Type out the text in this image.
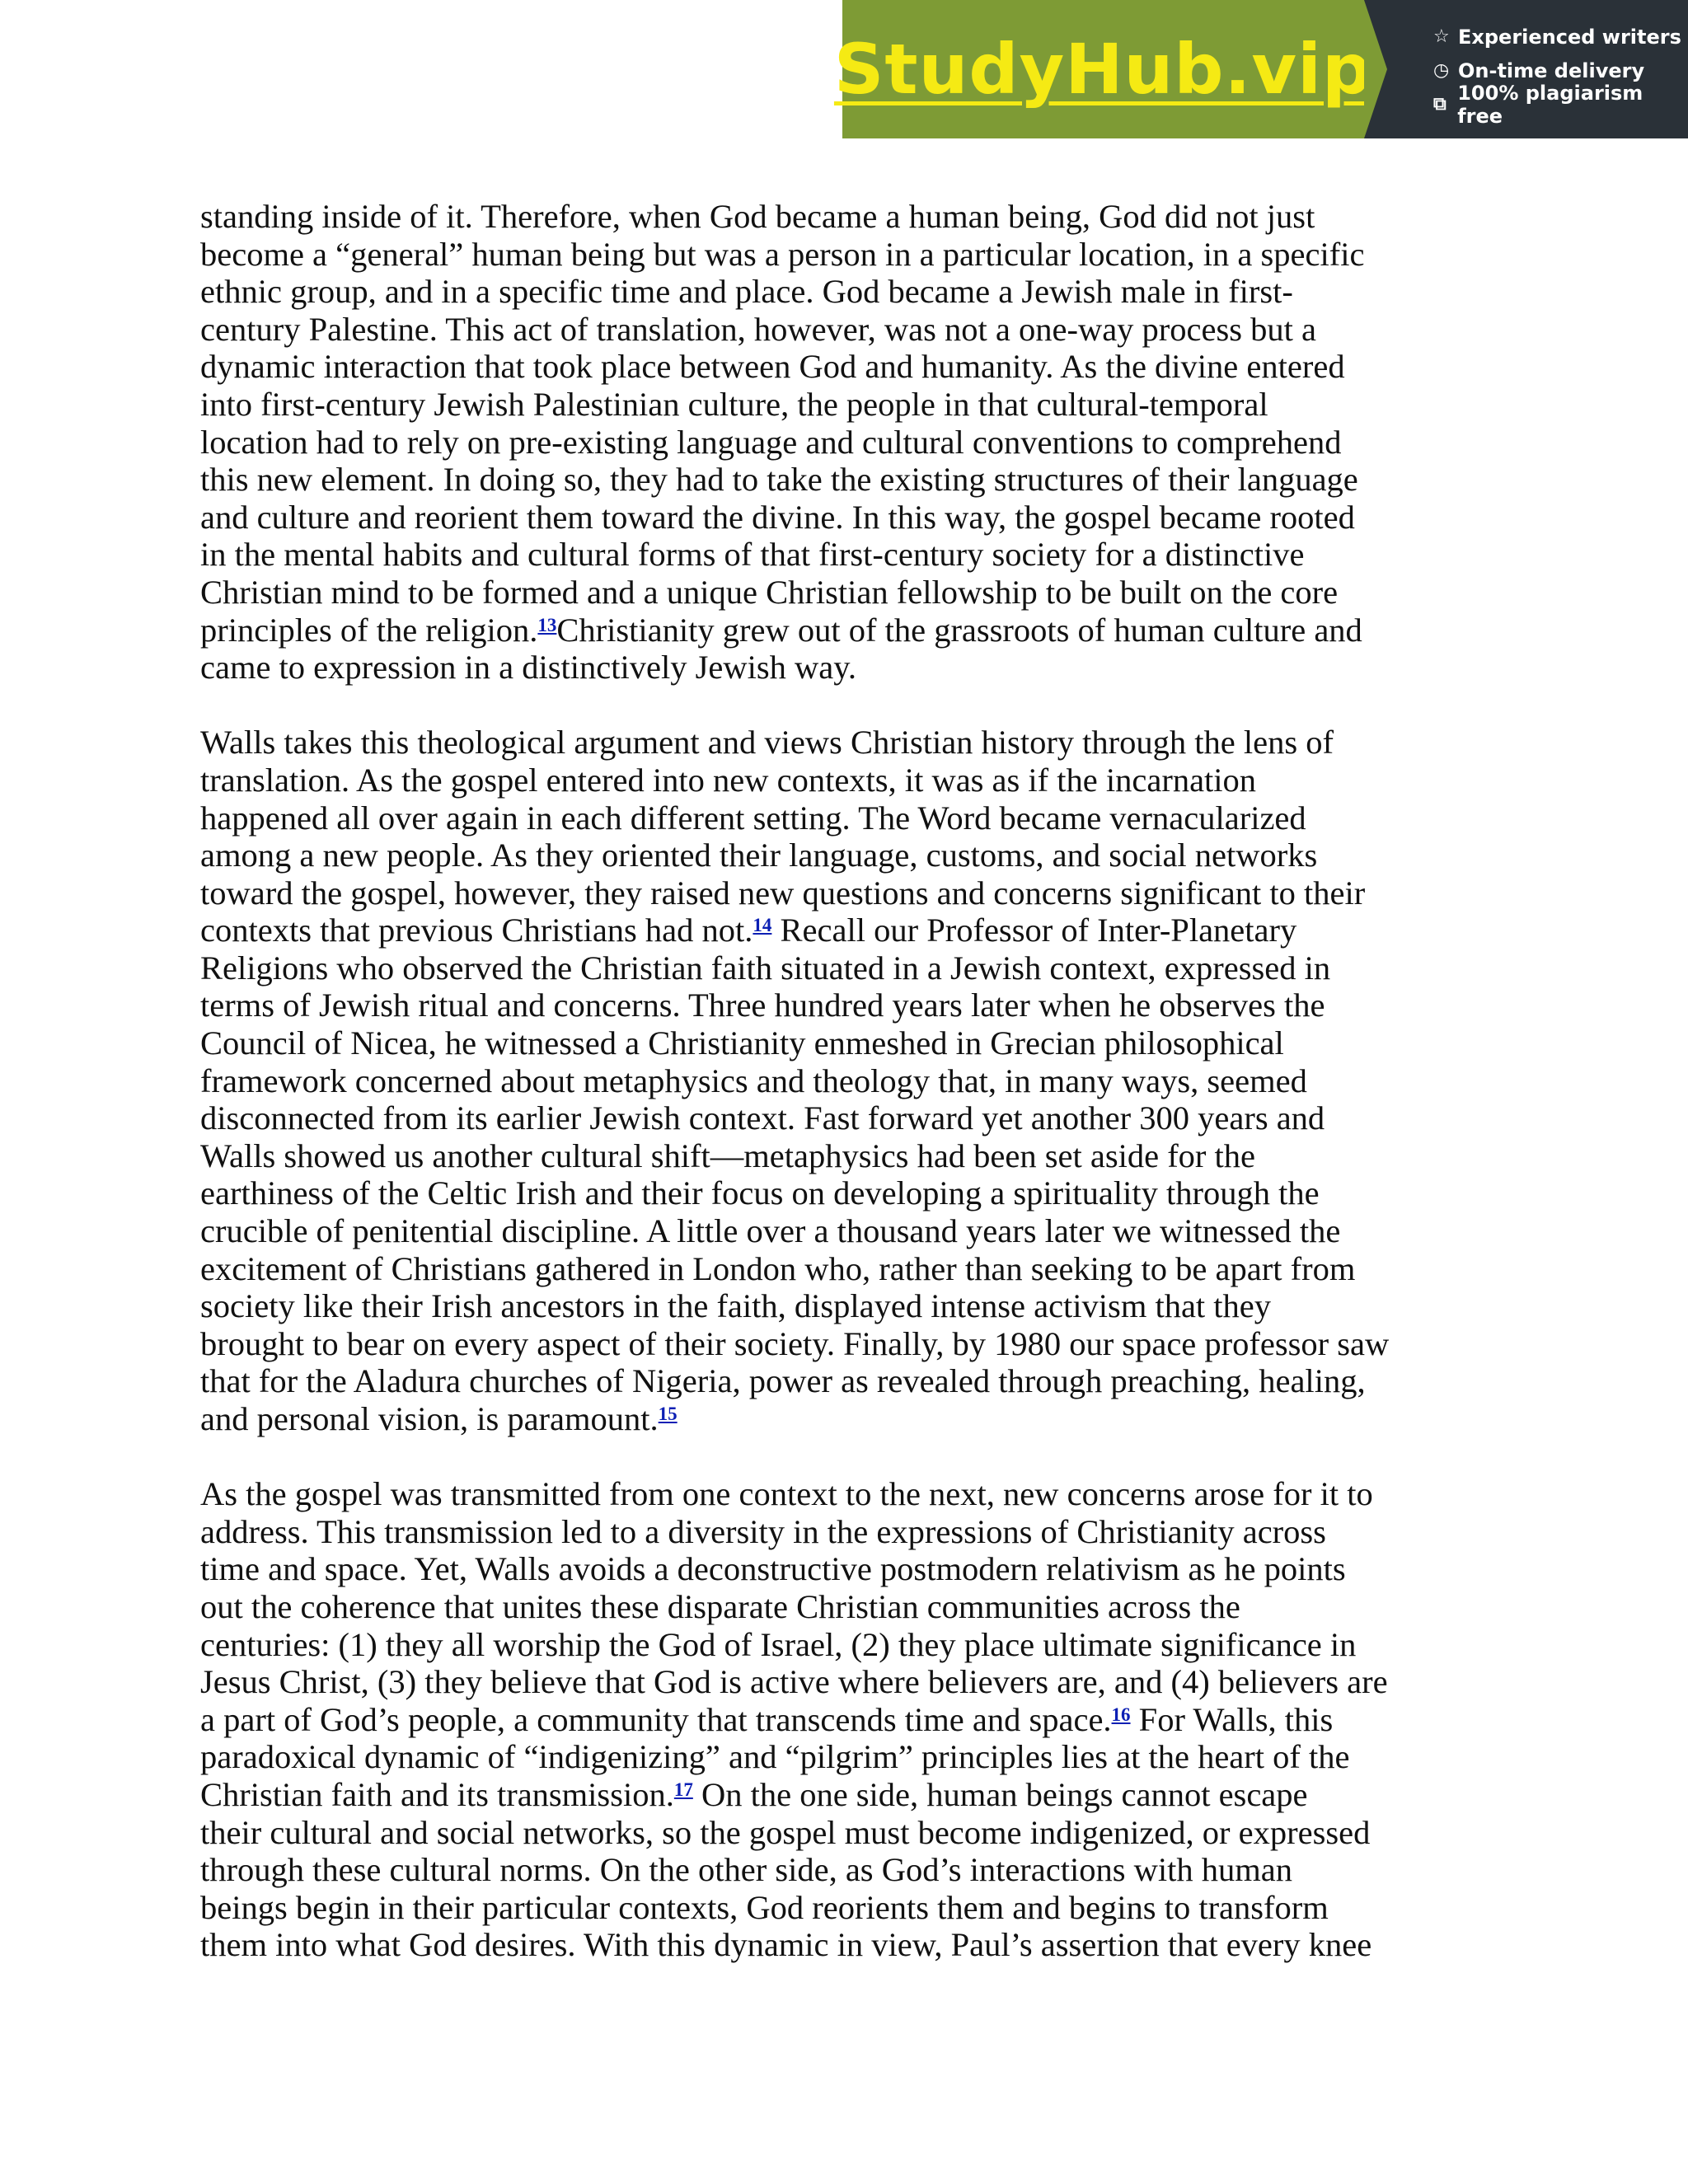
StudyHub.vip	☆ Experienced writers
◷ On-time delivery
⧉ 100% plagiarism free

standing inside of it. Therefore, when God became a human being, God did not just
become a “general” human being but was a person in a particular location, in a specific
ethnic group, and in a specific time and place. God became a Jewish male in first-
century Palestine. This act of translation, however, was not a one-way process but a
dynamic interaction that took place between God and humanity. As the divine entered
into first-century Jewish Palestinian culture, the people in that cultural-temporal
location had to rely on pre-existing language and cultural conventions to comprehend
this new element. In doing so, they had to take the existing structures of their language
and culture and reorient them toward the divine. In this way, the gospel became rooted
in the mental habits and cultural forms of that first-century society for a distinctive
Christian mind to be formed and a unique Christian fellowship to be built on the core
principles of the religion.$^{13}$Christianity grew out of the grassroots of human culture and
came to expression in a distinctively Jewish way.

Walls takes this theological argument and views Christian history through the lens of
translation. As the gospel entered into new contexts, it was as if the incarnation
happened all over again in each different setting. The Word became vernacularized
among a new people. As they oriented their language, customs, and social networks
toward the gospel, however, they raised new questions and concerns significant to their
contexts that previous Christians had not.$^{14}$ Recall our Professor of Inter-Planetary
Religions who observed the Christian faith situated in a Jewish context, expressed in
terms of Jewish ritual and concerns. Three hundred years later when he observes the
Council of Nicea, he witnessed a Christianity enmeshed in Grecian philosophical
framework concerned about metaphysics and theology that, in many ways, seemed
disconnected from its earlier Jewish context. Fast forward yet another 300 years and
Walls showed us another cultural shift—metaphysics had been set aside for the
earthiness of the Celtic Irish and their focus on developing a spirituality through the
crucible of penitential discipline. A little over a thousand years later we witnessed the
excitement of Christians gathered in London who, rather than seeking to be apart from
society like their Irish ancestors in the faith, displayed intense activism that they
brought to bear on every aspect of their society. Finally, by 1980 our space professor saw
that for the Aladura churches of Nigeria, power as revealed through preaching, healing,
and personal vision, is paramount.$^{15}$

As the gospel was transmitted from one context to the next, new concerns arose for it to
address. This transmission led to a diversity in the expressions of Christianity across
time and space. Yet, Walls avoids a deconstructive postmodern relativism as he points
out the coherence that unites these disparate Christian communities across the
centuries: (1) they all worship the God of Israel, (2) they place ultimate significance in
Jesus Christ, (3) they believe that God is active where believers are, and (4) believers are
a part of God’s people, a community that transcends time and space.$^{16}$ For Walls, this
paradoxical dynamic of “indigenizing” and “pilgrim” principles lies at the heart of the
Christian faith and its transmission.$^{17}$ On the one side, human beings cannot escape
their cultural and social networks, so the gospel must become indigenized, or expressed
through these cultural norms. On the other side, as God’s interactions with human
beings begin in their particular contexts, God reorients them and begins to transform
them into what God desires. With this dynamic in view, Paul’s assertion that every knee
